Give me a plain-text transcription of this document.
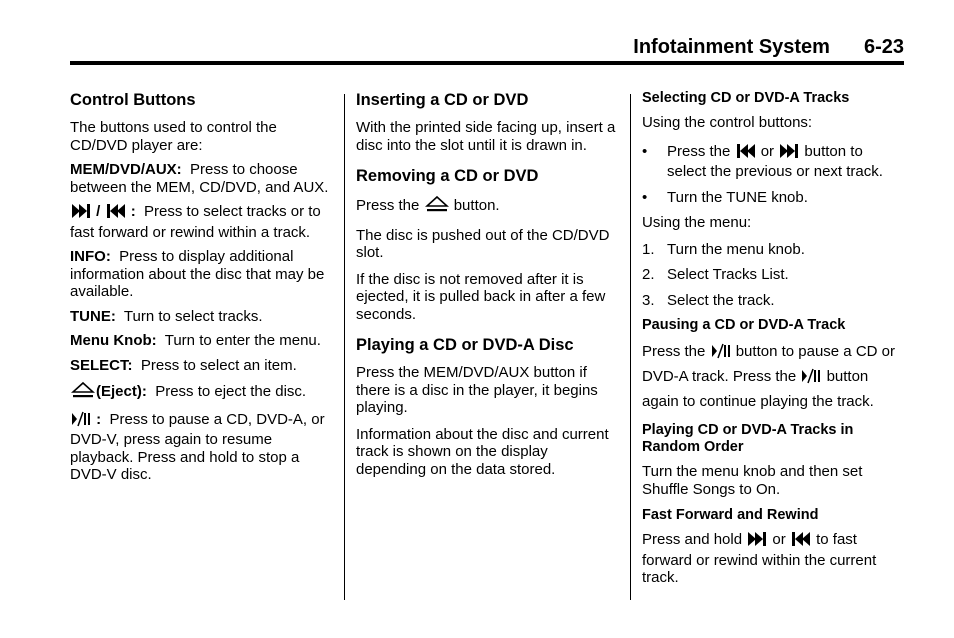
Infotainment System 6-23
Control Buttons

The buttons used to control the CD/DVD player are:

MEM/DVD/AUX: Press to choose between the MEM, CD/DVD, and AUX.

/  : Press to select tracks or to fast forward or rewind within a track.

INFO: Press to display additional information about the disc that may be available.

TUNE: Turn to select tracks.

Menu Knob: Turn to enter the menu.

SELECT: Press to select an item.

(Eject): Press to eject the disc.

: Press to pause a CD, DVD-A, or DVD-V, press again to resume playback. Press and hold to stop a DVD-V disc.

Inserting a CD or DVD

With the printed side facing up, insert a disc into the slot until it is drawn in.

Removing a CD or DVD

Press the button.

The disc is pushed out of the CD/DVD slot.

If the disc is not removed after it is ejected, it is pulled back in after a few seconds.

Playing a CD or DVD-A Disc

Press the MEM/DVD/AUX button if there is a disc in the player, it begins playing.

Information about the disc and current track is shown on the display depending on the data stored.

Selecting CD or DVD-A Tracks

Using the control buttons:

• Press the or button to select the previous or next track.
• Turn the TUNE knob.

Using the menu:

1. Turn the menu knob.
2. Select Tracks List.
3. Select the track.
Pausing a CD or DVD-A Track

Press the button to pause a CD or DVD-A track. Press the button again to continue playing the track.

Playing CD or DVD-A Tracks in Random Order

Turn the menu knob and then set Shuffle Songs to On.

Fast Forward and Rewind

Press and hold or to fast forward or rewind within the current track.
